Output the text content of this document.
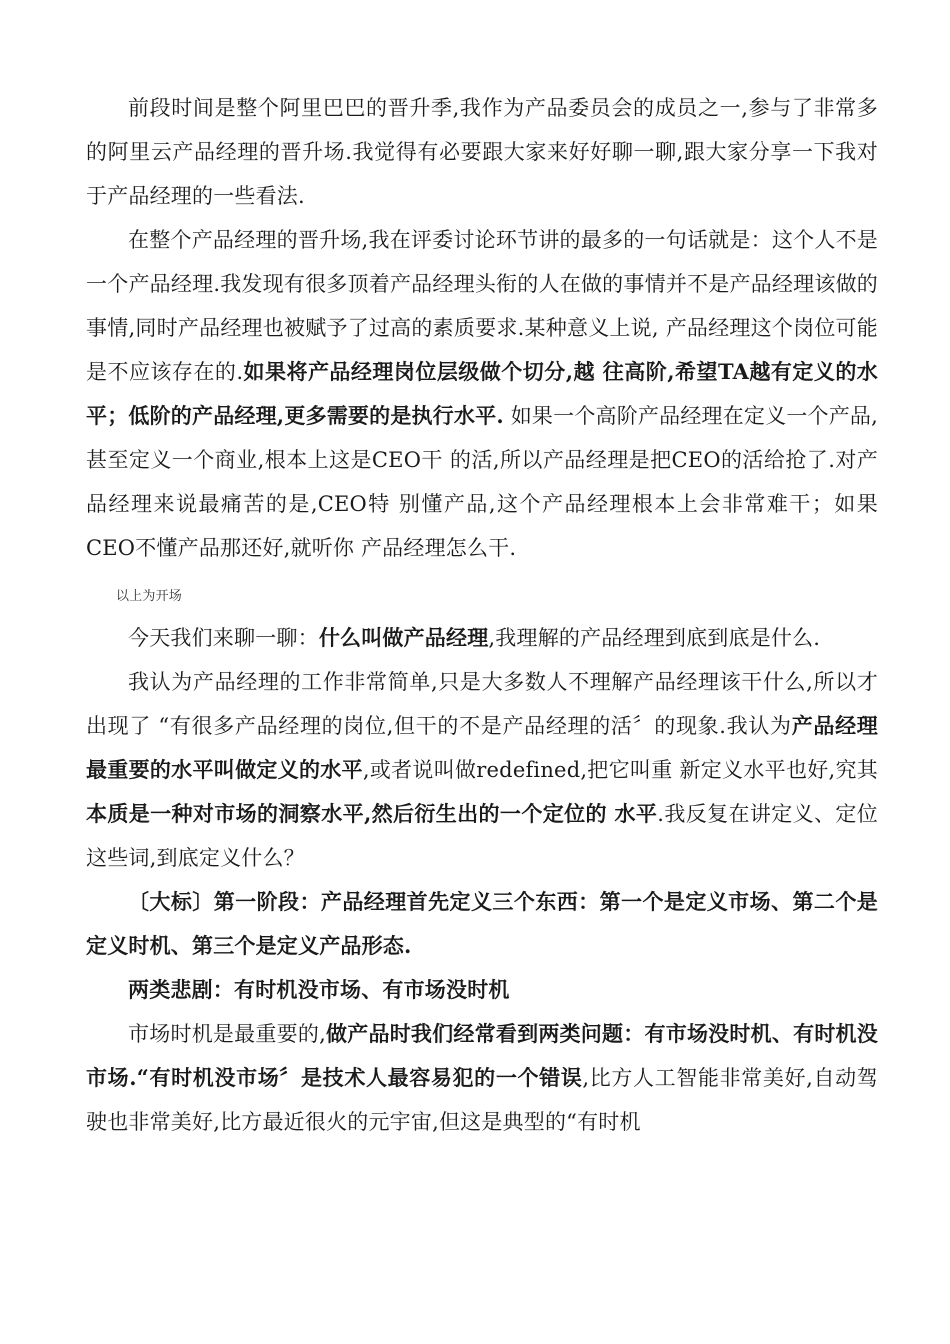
前段时间是整个阿里巴巴的晋升季,我作为产品委员会的成员之一,参与了非常多的阿里云产品经理的晋升场.我觉得有必要跟大家来好好聊一聊,跟大家分享一下我对于产品经理的一些看法.

在整个产品经理的晋升场,我在评委讨论环节讲的最多的一句话就是：这个人不是一个产品经理.我发现有很多顶着产品经理头衔的人在做的事情并不是产品经理该做的事情,同时产品经理也被赋予了过高的素质要求.某种意义上说, 产品经理这个岗位可能是不应该存在的.如果将产品经理岗位层级做个切分,越 往高阶,希望TA越有定义的水平；低阶的产品经理,更多需要的是执行水平. 如果一个高阶产品经理在定义一个产品,甚至定义一个商业,根本上这是CEO干 的活,所以产品经理是把CEO的活给抢了.对产品经理来说最痛苦的是,CEO特 别懂产品,这个产品经理根本上会非常难干；如果CEO不懂产品那还好,就听你 产品经理怎么干.

以上为开场

今天我们来聊一聊：什么叫做产品经理,我理解的产品经理到底到底是什么.

我认为产品经理的工作非常简单,只是大多数人不理解产品经理该干什么,所以才出现了 “有很多产品经理的岗位,但干的不是产品经理的活〞的现象.我认为产品经理最重要的水平叫做定义的水平,或者说叫做redefined,把它叫重 新定义水平也好,究其本质是一种对市场的洞察水平,然后衍生出的一个定位的 水平.我反复在讲定义、定位这些词,到底定义什么？

〔大标〕第一阶段：产品经理首先定义三个东西：第一个是定义市场、第二个是定义时机、第三个是定义产品形态.

两类悲剧：有时机没市场、有市场没时机

市场时机是最重要的,做产品时我们经常看到两类问题：有市场没时机、有时机没市场.“有时机没市场〞是技术人最容易犯的一个错误,比方人工智能非常美好,自动驾驶也非常美好,比方最近很火的元宇宙,但这是典型的“有时机
